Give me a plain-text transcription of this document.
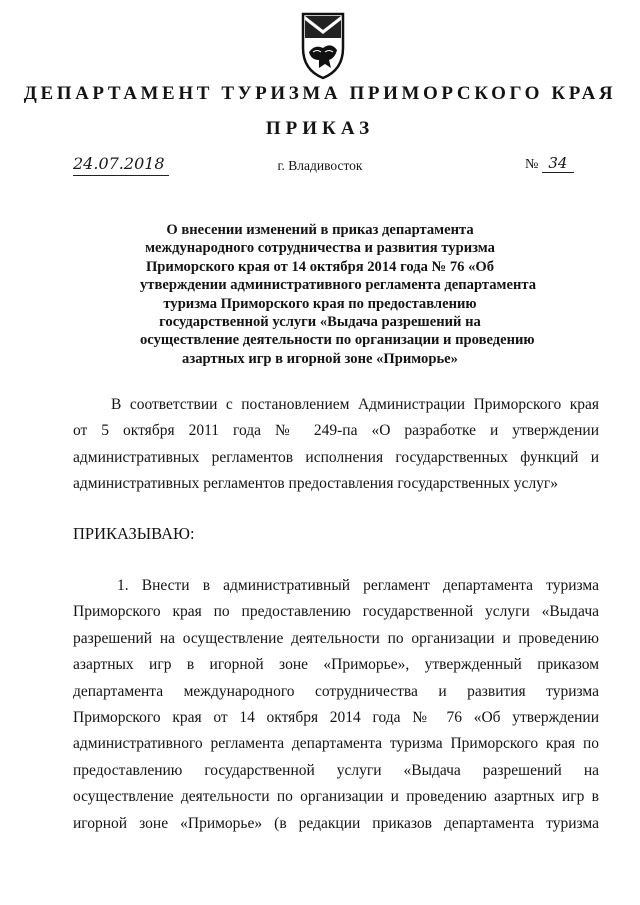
ДЕПАРТАМЕНТ ТУРИЗМА ПРИМОРСКОГО КРАЯ
ПРИКАЗ
24.07.2018	г. Владивосток	№ 34
О внесении изменений в приказ департамента
международного сотрудничества и развития туризма
Приморского края от 14 октября 2014 года № 76 «Об
утверждении административного регламента департамента
туризма Приморского края по предоставлению
государственной услуги «Выдача разрешений на
осуществление деятельности по организации и проведению
азартных игр в игорной зоне «Приморье»
В соответствии с постановлением Администрации Приморского края
от 5 октября 2011 года № 249-па «О разработке и утверждении
административных регламентов исполнения государственных функций и
административных регламентов предоставления государственных услуг»
ПРИКАЗЫВАЮ:
1. Внести в административный регламент департамента туризма
Приморского края по предоставлению государственной услуги «Выдача
разрешений на осуществление деятельности по организации и проведению
азартных игр в игорной зоне «Приморье», утвержденный приказом
департамента международного сотрудничества и развития туризма
Приморского края от 14 октября 2014 года № 76 «Об утверждении
административного регламента департамента туризма Приморского края по
предоставлению государственной услуги «Выдача разрешений на
осуществление деятельности по организации и проведению азартных игр в
игорной зоне «Приморье» (в редакции приказов департамента туризма
